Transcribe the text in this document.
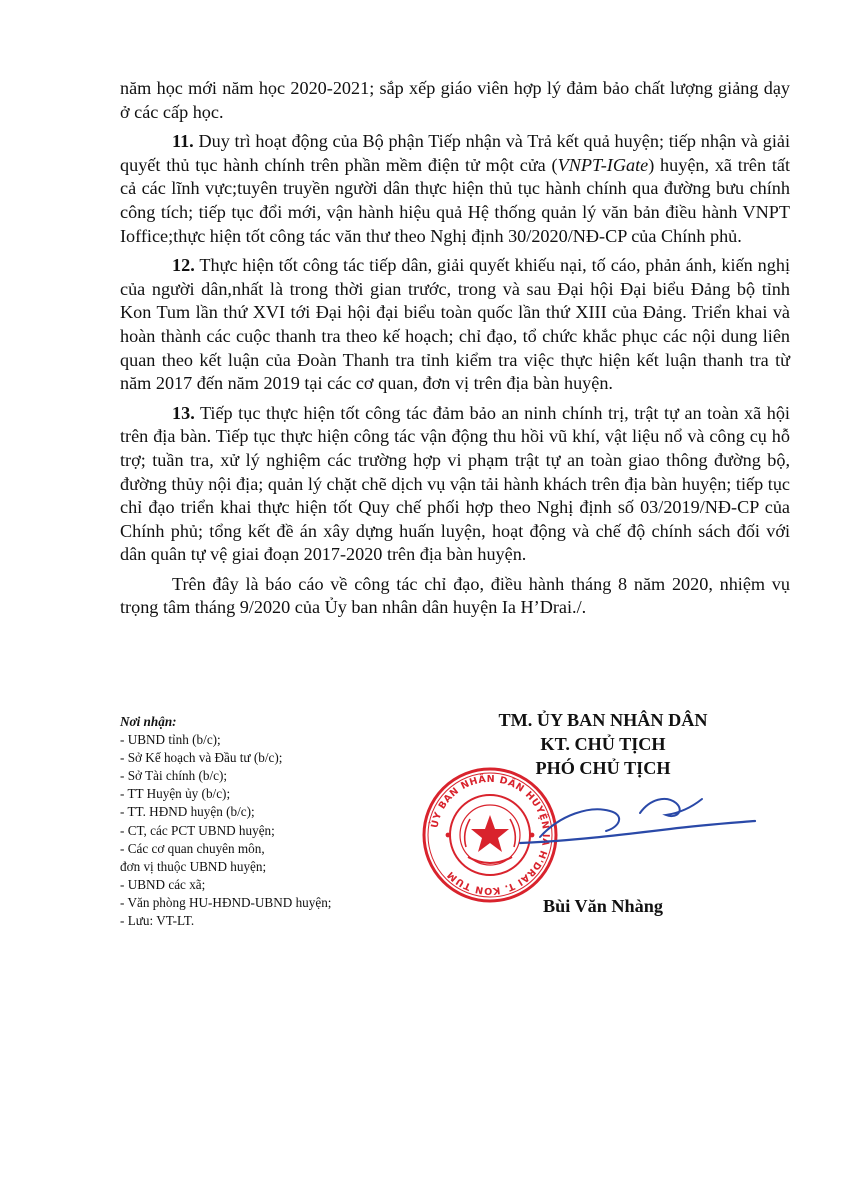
năm học mới năm học 2020-2021; sắp xếp giáo viên hợp lý đảm bảo chất lượng giảng dạy ở các cấp học.

11. Duy trì hoạt động của Bộ phận Tiếp nhận và Trả kết quả huyện; tiếp nhận và giải quyết thủ tục hành chính trên phần mềm điện tử một cửa (VNPT-IGate) huyện, xã trên tất cả các lĩnh vực;tuyên truyền người dân thực hiện thủ tục hành chính qua đường bưu chính công tích; tiếp tục đổi mới, vận hành hiệu quả Hệ thống quản lý văn bản điều hành VNPT Ioffice;thực hiện tốt công tác văn thư theo Nghị định 30/2020/NĐ-CP của Chính phủ.

12. Thực hiện tốt công tác tiếp dân, giải quyết khiếu nại, tố cáo, phản ánh, kiến nghị của người dân,nhất là trong thời gian trước, trong và sau Đại hội Đại biểu Đảng bộ tỉnh Kon Tum lần thứ XVI tới Đại hội đại biểu toàn quốc lần thứ XIII của Đảng. Triển khai và hoàn thành các cuộc thanh tra theo kế hoạch; chỉ đạo, tổ chức khắc phục các nội dung liên quan theo kết luận của Đoàn Thanh tra tỉnh kiểm tra việc thực hiện kết luận thanh tra từ năm 2017 đến năm 2019 tại các cơ quan, đơn vị trên địa bàn huyện.

13. Tiếp tục thực hiện tốt công tác đảm bảo an ninh chính trị, trật tự an toàn xã hội trên địa bàn. Tiếp tục thực hiện công tác vận động thu hồi vũ khí, vật liệu nổ và công cụ hỗ trợ; tuần tra, xử lý nghiệm các trường hợp vi phạm trật tự an toàn giao thông đường bộ, đường thủy nội địa; quản lý chặt chẽ dịch vụ vận tải hành khách trên địa bàn huyện; tiếp tục chỉ đạo triển khai thực hiện tốt Quy chế phối hợp theo Nghị định số 03/2019/NĐ-CP của Chính phủ; tổng kết đề án xây dựng huấn luyện, hoạt động và chế độ chính sách đối với dân quân tự vệ giai đoạn 2017-2020 trên địa bàn huyện.

Trên đây là báo cáo về công tác chỉ đạo, điều hành tháng 8 năm 2020, nhiệm vụ trọng tâm tháng 9/2020 của Ủy ban nhân dân huyện Ia H’Drai./.

Nơi nhận:
- UBND tỉnh (b/c);
- Sở Kế hoạch và Đầu tư (b/c);
- Sở Tài chính (b/c);
- TT Huyện ủy (b/c);
- TT. HĐND huyện (b/c);
- CT, các PCT UBND huyện;
- Các cơ quan chuyên môn,
đơn vị thuộc UBND huyện;
- UBND các xã;
- Văn phòng HU-HĐND-UBND huyện;
- Lưu: VT-LT.
TM. ỦY BAN NHÂN DÂN
KT. CHỦ TỊCH
PHÓ CHỦ TỊCH
ỦY BAN NHÂN DÂN HUYỆN IA H'DRAI T. KON TUM
Bùi Văn Nhàng
